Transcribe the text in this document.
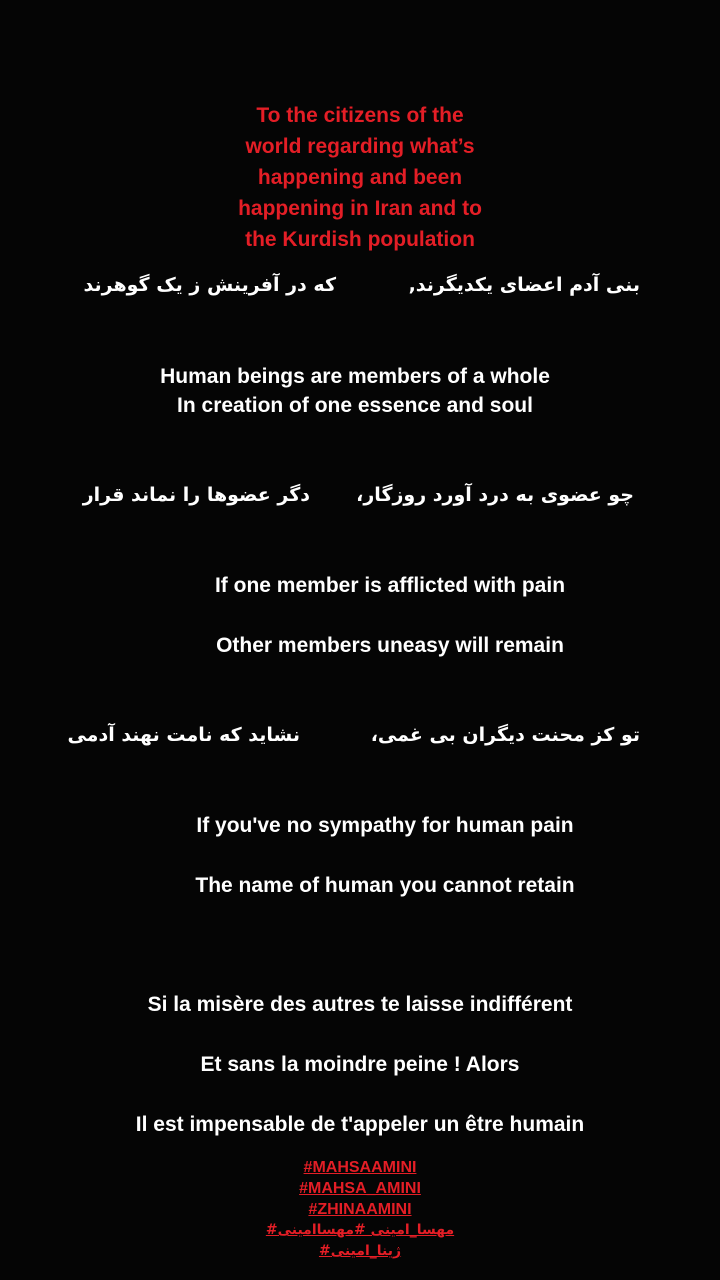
To the citizens of the
world regarding what’s
happening and been
happening in Iran and to
the Kurdish population
بنی آدم اعضای یکدیگرند,
که در آفرینش ز یک گوهرند
Human beings are members of a whole
In creation of one essence and soul
چو عضوی به درد آورد روزگار،
دگر عضوها را نماند قرار
If one member is afflicted with pain
Other members uneasy will remain
تو کز محنت دیگران بی غمی،
نشاید که نامت نهند آدمی
If you've no sympathy for human pain
The name of human you cannot retain
Si la misère des autres te laisse indifférent
Et sans la moindre peine ! Alors
Il est impensable de t'appeler un être humain
#MAHSAAMINI
#MAHSA_AMINI
#ZHINAAMINI
#مهسا_امینی #مهساامینی
#ژینا_امینی
